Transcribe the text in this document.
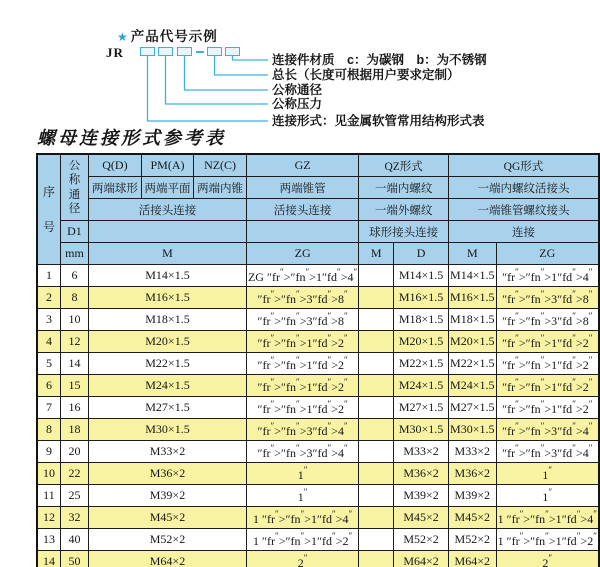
★ 产品代号示例
JR	连接件材质　c：为碳钢　b：为不锈钢
总长（长度可根据用户要求定制）
公称通径
公称压力
连接形式：见金属软管常用结构形式表
螺母连接形式参考表
序号	公称通径	Q(D)	PM(A)	NZ(C)	GZ	QZ形式		QG形式	
		两端球形	两端平面	两端内锥	两端锥管	一端内螺纹		一端内螺纹活接头	
		活接头连接			活接头连接	一端外螺纹		一端锥管螺纹接头	
	D1					球形接头连接		连接	
	mm	M			ZG	M	D	M	ZG
1	6	M14×1.5			ZG ″fr″>″fn″>1″fd″>4″		M14×1.5	M14×1.5	″fr″>″fn″>1″fd″>4″
2	8	M16×1.5			″fr″>″fn″>3″fd″>8″		M16×1.5	M16×1.5	″fr″>″fn″>3″fd″>8″
3	10	M18×1.5			″fr″>″fn″>3″fd″>8″		M18×1.5	M18×1.5	″fr″>″fn″>3″fd″>8″
4	12	M20×1.5			″fr″>″fn″>1″fd″>2″		M20×1.5	M20×1.5	″fr″>″fn″>1″fd″>2″
5	14	M22×1.5			″fr″>″fn″>1″fd″>2″		M22×1.5	M22×1.5	″fr″>″fn″>1″fd″>2″
6	15	M24×1.5			″fr″>″fn″>1″fd″>2″		M24×1.5	M24×1.5	″fr″>″fn″>1″fd″>2″
7	16	M27×1.5			″fr″>″fn″>1″fd″>2″		M27×1.5	M27×1.5	″fr″>″fn″>1″fd″>2″
8	18	M30×1.5			″fr″>″fn″>3″fd″>4″		M30×1.5	M30×1.5	″fr″>″fn″>3″fd″>4″
9	20	M33×2			″fr″>″fn″>3″fd″>4″		M33×2	M33×2	″fr″>″fn″>3″fd″>4″
10	22	M36×2			1″		M36×2	M36×2	1″
11	25	M39×2			1″		M39×2	M39×2	1″
12	32	M45×2			1 ″fr″>″fn″>1″fd″>4″		M45×2	M45×2	1 ″fr″>″fn″>1″fd″>4″
13	40	M52×2			1 ″fr″>″fn″>1″fd″>2″		M52×2	M52×2	1 ″fr″>″fn″>1″fd″>2″
14	50	M64×2			2″		M64×2	M64×2	2″
